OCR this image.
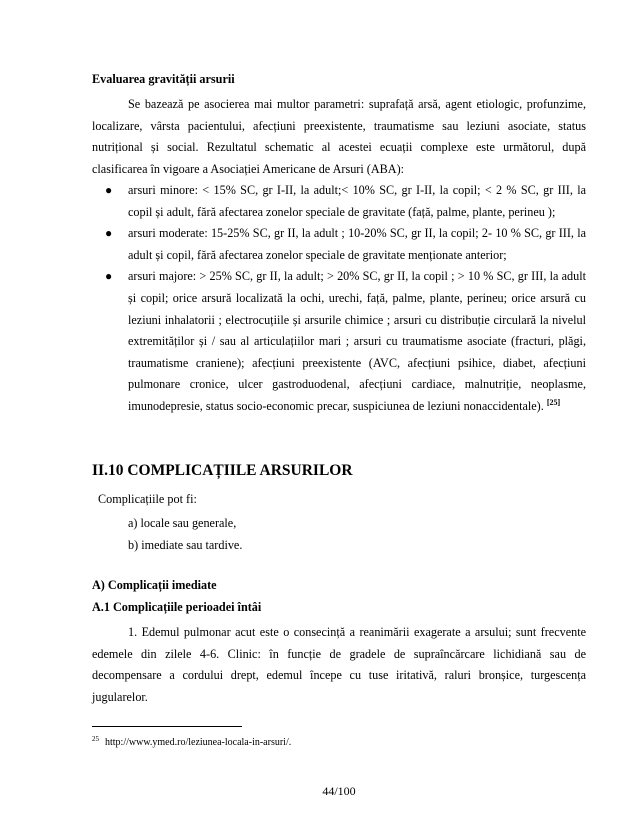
Evaluarea gravității arsurii

Se bazează pe asocierea mai multor parametri: suprafață arsă, agent etiologic, profunzime, localizare, vârsta pacientului, afecțiuni preexistente, traumatisme sau leziuni asociate, status nutrițional și social. Rezultatul schematic al acestei ecuații complexe este următorul, după clasificarea în vigoare a Asociației Americane de Arsuri (ABA):

● arsuri minore: < 15% SC, gr I-II, la adult;< 10% SC, gr I-II, la copil; < 2 % SC, gr III, la copil și adult, fără afectarea zonelor speciale de gravitate (față, palme, plante, perineu );
● arsuri moderate: 15-25% SC, gr II, la adult ; 10-20% SC, gr II, la copil; 2- 10 % SC, gr III, la adult și copil, fără afectarea zonelor speciale de gravitate menționate anterior;
● arsuri majore: > 25% SC, gr II, la adult; > 20% SC, gr II, la copil ; > 10 % SC, gr III, la adult și copil; orice arsură localizată la ochi, urechi, față, palme, plante, perineu; orice arsură cu leziuni inhalatorii ; electrocuțiile și arsurile chimice ; arsuri cu distribuție circulară la nivelul extremităților și / sau al articulațiilor mari ; arsuri cu traumatisme asociate (fracturi, plăgi, traumatisme craniene); afecțiuni preexistente (AVC, afecțiuni psihice, diabet, afecțiuni pulmonare cronice, ulcer gastroduodenal, afecțiuni cardiace, malnutriție, neoplasme, imunodepresie, status socio-economic precar, suspiciunea de leziuni nonaccidentale). [25]

II.10 COMPLICAȚIILE ARSURILOR

Complicațiile pot fi:

a) locale sau generale,

b) imediate sau tardive.

A) Complicații imediate

A.1 Complicațiile perioadei întâi

1. Edemul pulmonar acut este o consecință a reanimării exagerate a arsului; sunt frecvente edemele din zilele 4-6. Clinic: în funcție de gradele de supraîncărcare lichidiană sau de decompensare a cordului drept, edemul începe cu tuse iritativă, raluri bronșice, turgescența jugularelor.

$^{25}$ http://www.ymed.ro/leziunea-locala-in-arsuri/.

44/100
